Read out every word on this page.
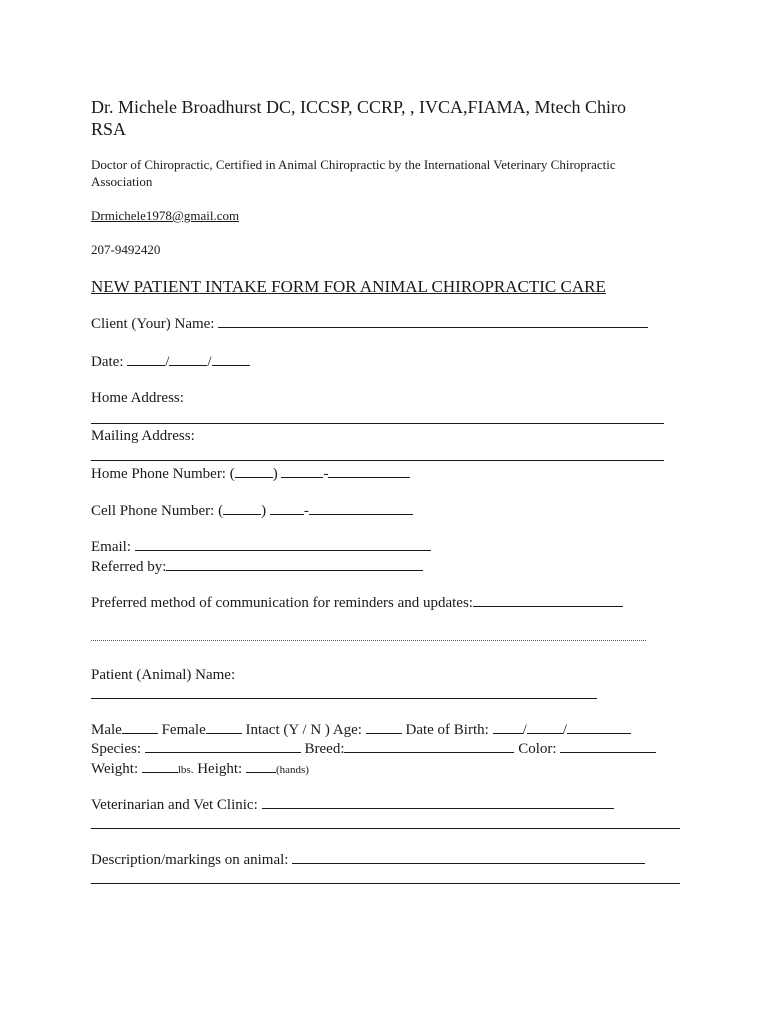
Dr. Michele Broadhurst DC, ICCSP, CCRP, , IVCA,FIAMA, Mtech Chiro
RSA
Doctor of Chiropractic, Certified in Animal Chiropractic by the International Veterinary Chiropractic
Association
Drmichele1978@gmail.com
207-9492420
NEW PATIENT INTAKE FORM FOR ANIMAL CHIROPRACTIC CARE
Client (Your) Name:
Date:	/	/
Home Address:
Mailing Address:
Home Phone Number: (	)	-
Cell Phone Number: (	)	-
Email:
Referred by:
Preferred method of communication for reminders and updates:
Patient (Animal) Name:
Male	Female	Intact (Y / N ) Age:	Date of Birth: / /
Species:	Breed:	Color:
Weight:	lbs. Height:	(hands)
Veterinarian and Vet Clinic:
Description/markings on animal:
